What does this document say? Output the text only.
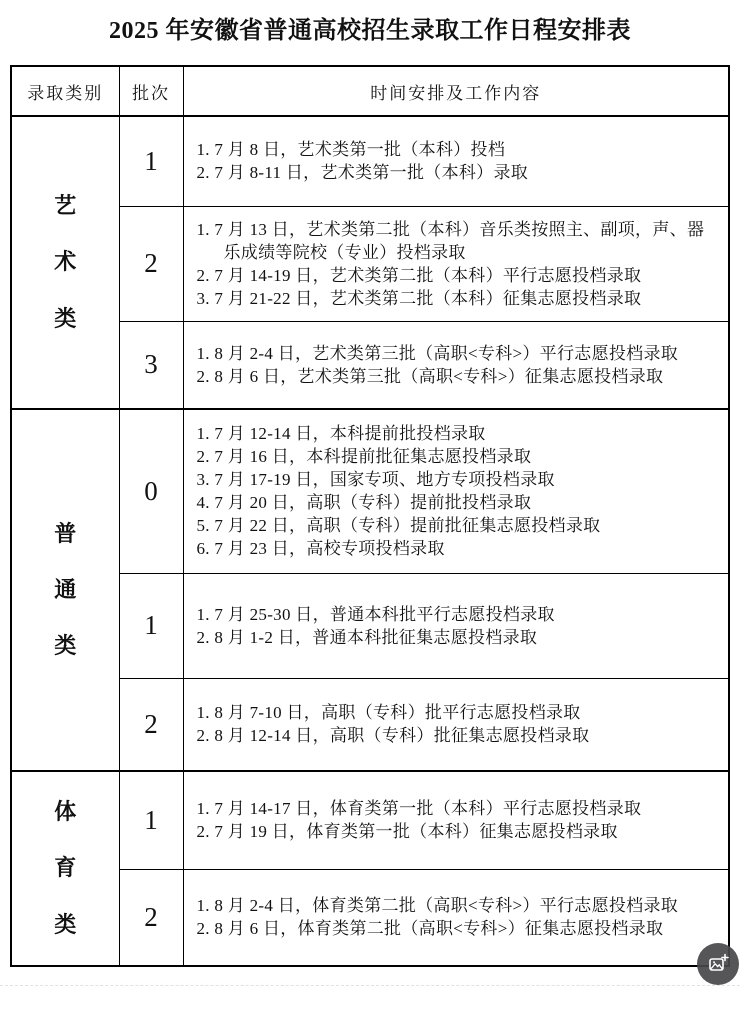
2025 年安徽省普通高校招生录取工作日程安排表
录取类别	批次	时间安排及工作内容
艺术类	1	1. 7 月 8 日，艺术类第一批（本科）投档
2. 7 月 8-11 日，艺术类第一批（本科）录取

	2	1. 7 月 13 日，艺术类第二批（本科）音乐类按照主、副项，声、器乐成绩等院校（专业）投档录取
2. 7 月 14-19 日，艺术类第二批（本科）平行志愿投档录取
3. 7 月 21-22 日，艺术类第二批（本科）征集志愿投档录取

	3	1. 8 月 2-4 日，艺术类第三批（高职<专科>）平行志愿投档录取
2. 8 月 6 日，艺术类第三批（高职<专科>）征集志愿投档录取

普通类	0	
1. 7 月 12-14 日，本科提前批投档录取
2. 7 月 16 日，本科提前批征集志愿投档录取
3. 7 月 17-19 日，国家专项、地方专项投档录取
4. 7 月 20 日，高职（专科）提前批投档录取
5. 7 月 22 日，高职（专科）提前批征集志愿投档录取
6. 7 月 23 日，高校专项投档录取

	1	1. 7 月 25-30 日，普通本科批平行志愿投档录取
2. 8 月 1-2 日，普通本科批征集志愿投档录取

	2	1. 8 月 7-10 日，高职（专科）批平行志愿投档录取
2. 8 月 12-14 日，高职（专科）批征集志愿投档录取

体育类	1	1. 7 月 14-17 日，体育类第一批（本科）平行志愿投档录取
2. 7 月 19 日，体育类第一批（本科）征集志愿投档录取

	2	1. 8 月 2-4 日，体育类第二批（高职<专科>）平行志愿投档录取
2. 8 月 6 日，体育类第二批（高职<专科>）征集志愿投档录取
